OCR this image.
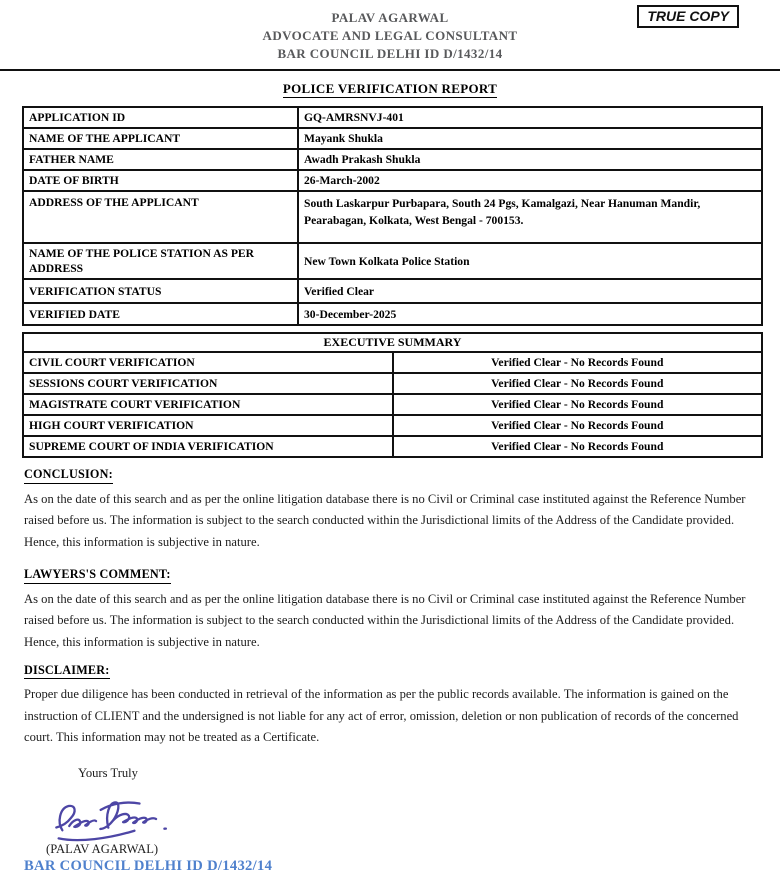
PALAV AGARWAL
ADVOCATE AND LEGAL CONSULTANT
BAR COUNCIL DELHI ID D/1432/14
TRUE COPY
POLICE VERIFICATION REPORT
APPLICATION ID	GQ-AMRSNVJ-401
NAME OF THE APPLICANT	Mayank Shukla
FATHER NAME	Awadh Prakash Shukla
DATE OF BIRTH	26-March-2002
ADDRESS OF THE APPLICANT	South Laskarpur Purbapara, South 24 Pgs, Kamalgazi, Near Hanuman Mandir, Pearabagan, Kolkata, West Bengal - 700153.
NAME OF THE POLICE STATION AS PER ADDRESS	New Town Kolkata Police Station
VERIFICATION STATUS	Verified Clear
VERIFIED DATE	30-December-2025
EXECUTIVE SUMMARY	
CIVIL COURT VERIFICATION	Verified Clear - No Records Found
SESSIONS COURT VERIFICATION	Verified Clear - No Records Found
MAGISTRATE COURT VERIFICATION	Verified Clear - No Records Found
HIGH COURT VERIFICATION	Verified Clear - No Records Found
SUPREME COURT OF INDIA VERIFICATION	Verified Clear - No Records Found
CONCLUSION:

As on the date of this search and as per the online litigation database there is no Civil or Criminal case instituted against the Reference Number raised before us. The information is subject to the search conducted within the Jurisdictional limits of the Address of the Candidate provided. Hence, this information is subjective in nature.

LAWYERS'S COMMENT:

As on the date of this search and as per the online litigation database there is no Civil or Criminal case instituted against the Reference Number raised before us. The information is subject to the search conducted within the Jurisdictional limits of the Address of the Candidate provided. Hence, this information is subjective in nature.

DISCLAIMER:

Proper due diligence has been conducted in retrieval of the information as per the public records available. The information is gained on the instruction of CLIENT and the undersigned is not liable for any act of error, omission, deletion or non publication of records of the concerned court. This information may not be treated as a Certificate.

Yours Truly
(PALAV AGARWAL)
BAR COUNCIL DELHI ID D/1432/14
